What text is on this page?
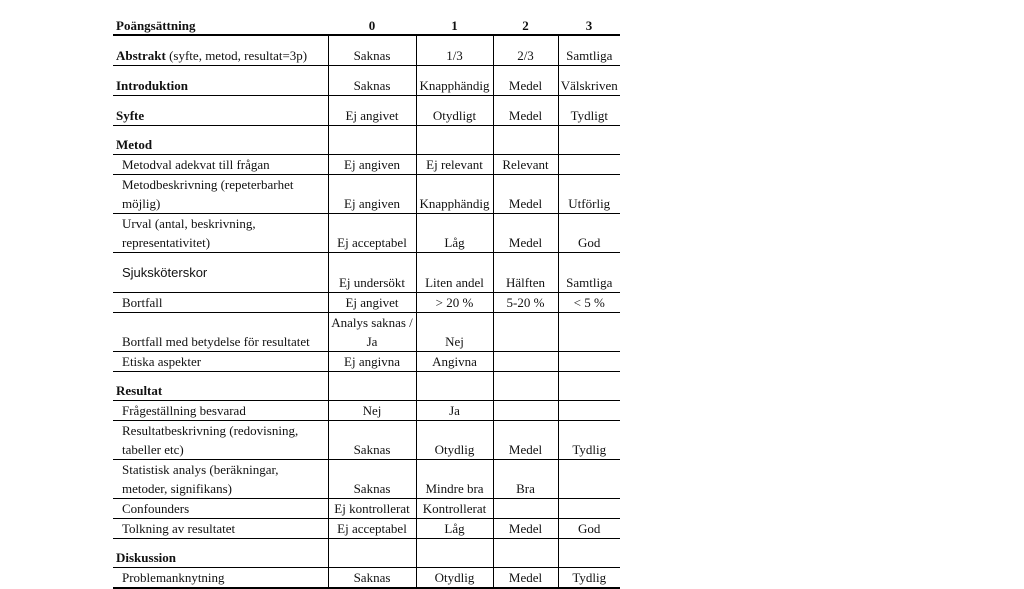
Poängsättning	0	1	2	3
Abstrakt (syfte, metod, resultat=3p)	Saknas	1/3	2/3	Samtliga
Introduktion	Saknas	Knapphändig	Medel	Välskriven
Syfte	Ej angivet	Otydligt	Medel	Tydligt
Metod				
Metodval adekvat till frågan	Ej angiven	Ej relevant	Relevant	
Metodbeskrivning (repeterbarhet möjlig)	Ej angiven	Knapphändig	Medel	Utförlig
Urval (antal, beskrivning, representativitet)	Ej acceptabel	Låg	Medel	God
Sjuksköterskor	Ej undersökt	Liten andel	Hälften	Samtliga
Bortfall	Ej angivet	> 20 %	5-20 %	< 5 %
Bortfall med betydelse för resultatet	Analys saknas / Ja	Nej		
Etiska aspekter	Ej angivna	Angivna		
Resultat				
Frågeställning besvarad	Nej	Ja		
Resultatbeskrivning (redovisning, tabeller etc)	Saknas	Otydlig	Medel	Tydlig
Statistisk analys (beräkningar, metoder, signifikans)	Saknas	Mindre bra	Bra	
Confounders	Ej kontrollerat	Kontrollerat		
Tolkning av resultatet	Ej acceptabel	Låg	Medel	God
Diskussion				
Problemanknytning	Saknas	Otydlig	Medel	Tydlig
